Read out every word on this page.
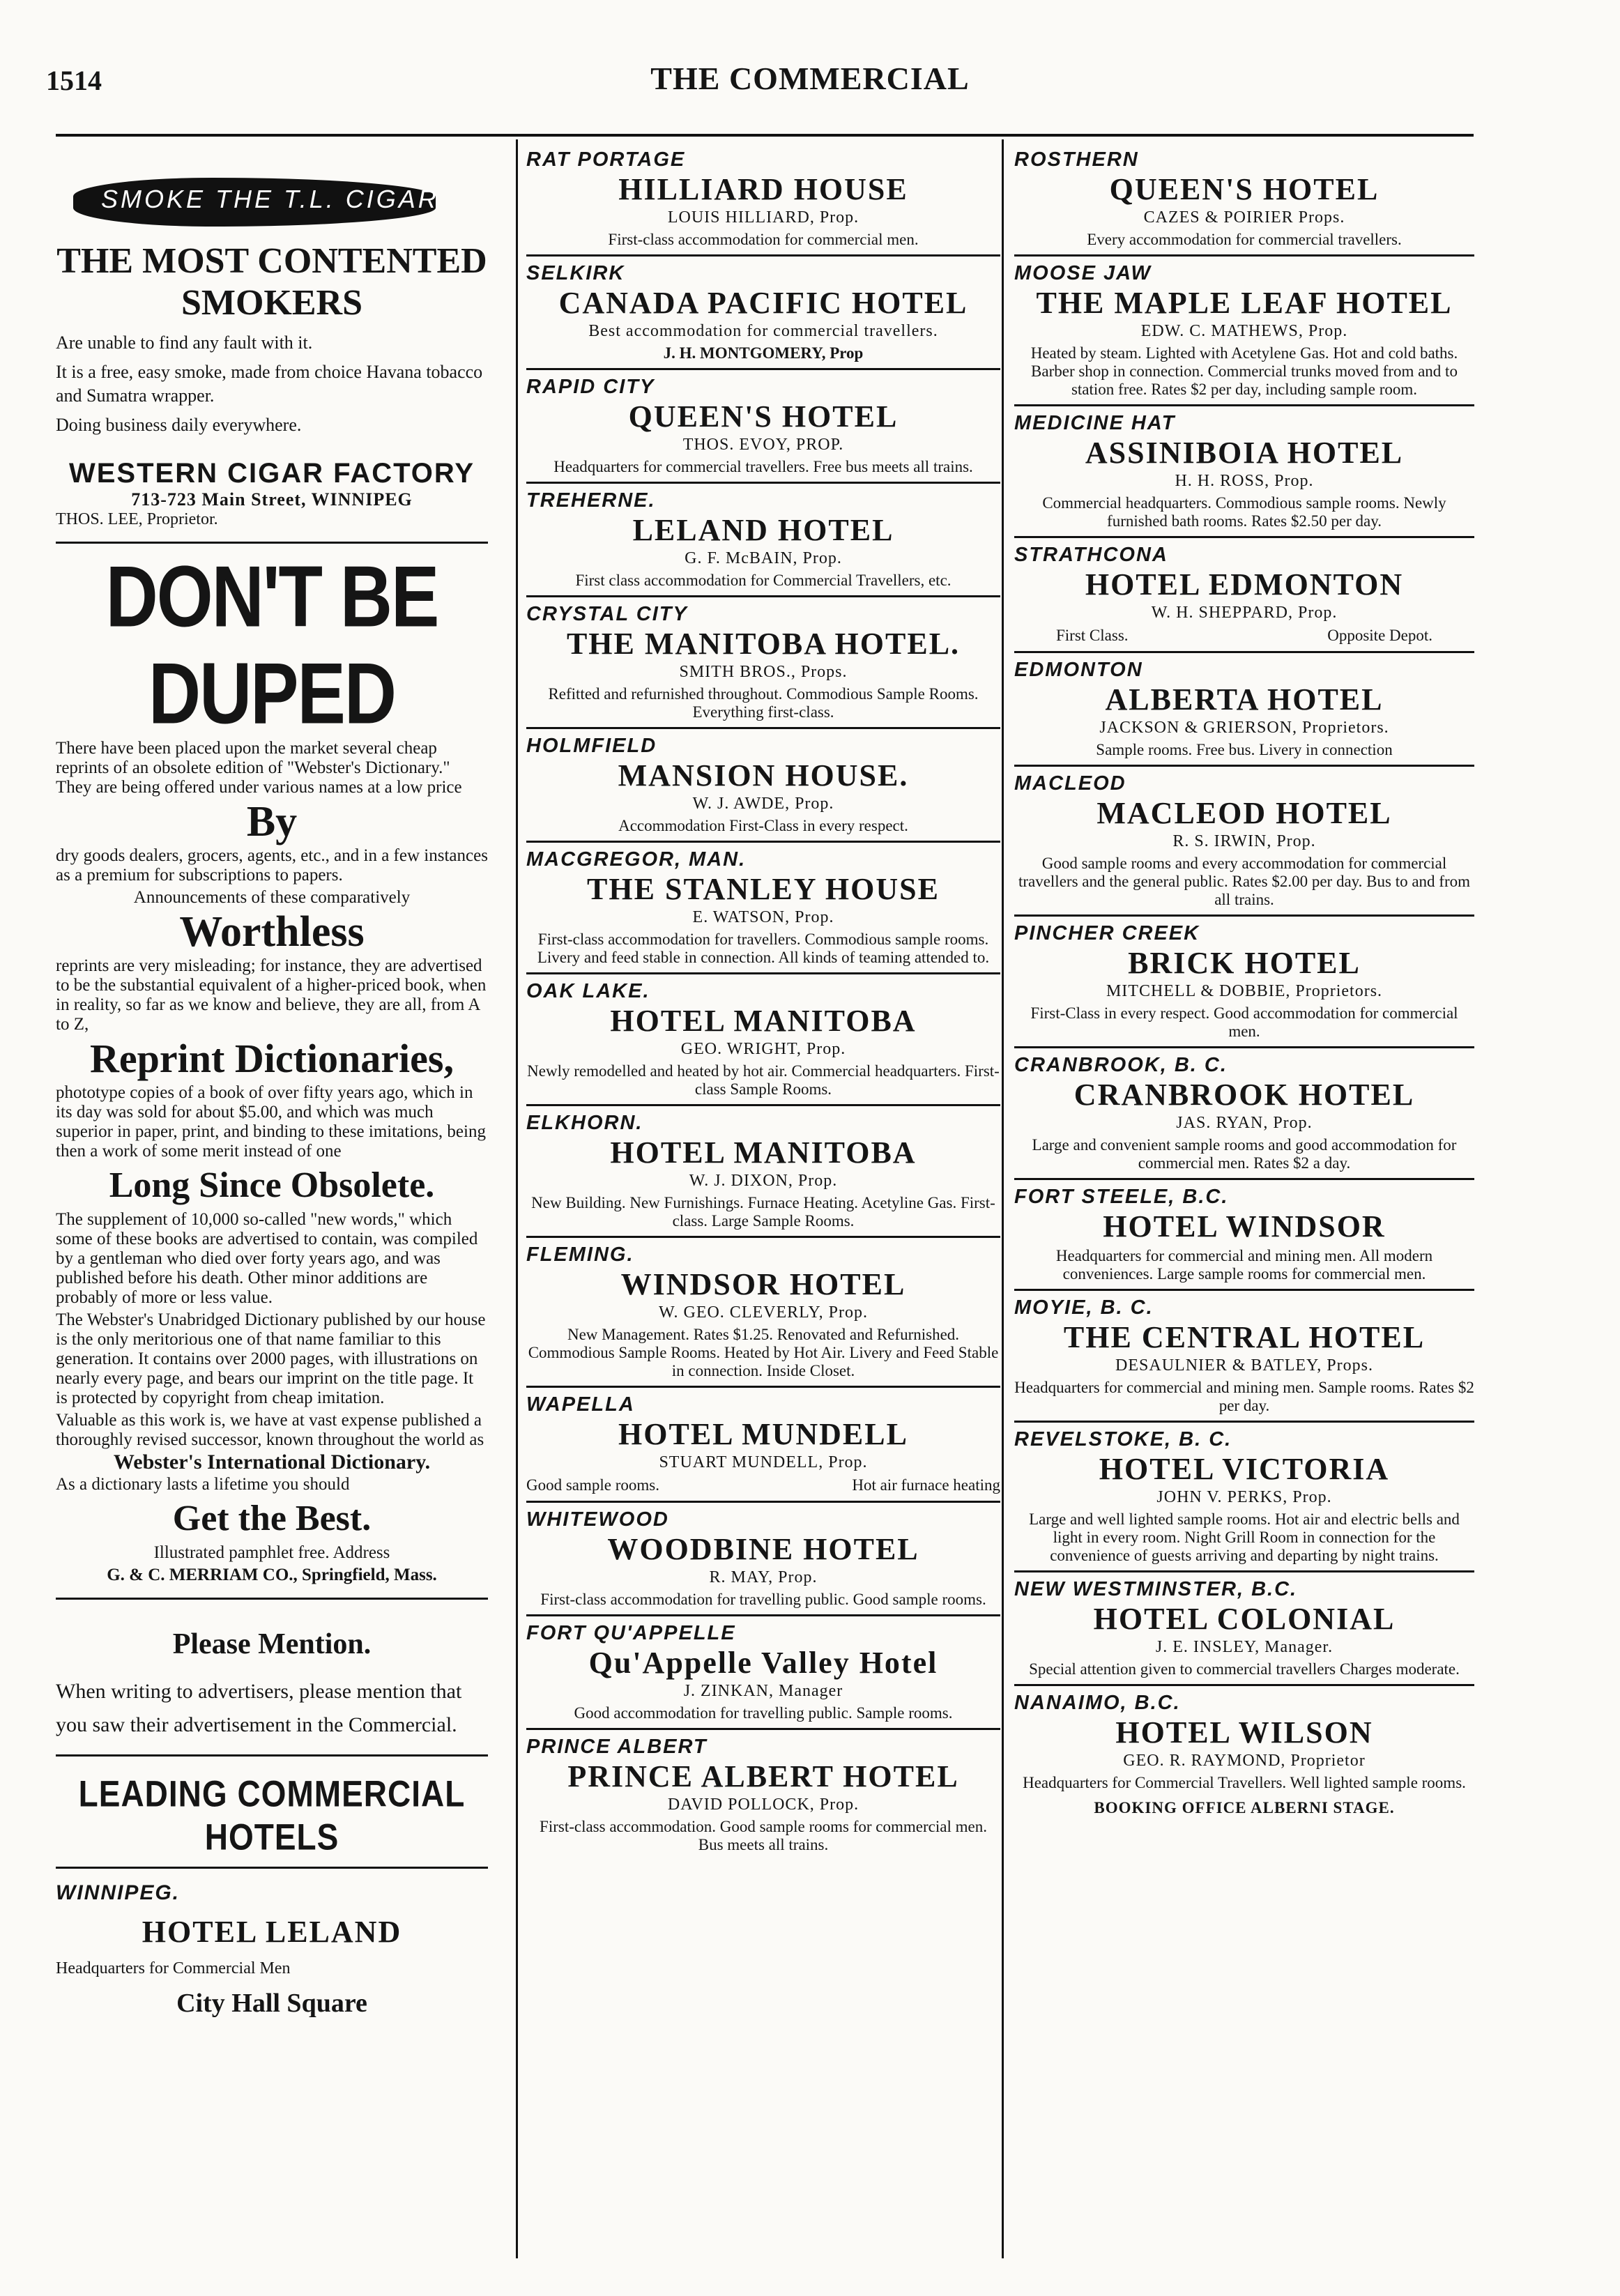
1514	THE COMMERCIAL
SMOKE THE T.L. CIGAR
THE MOST CONTENTED SMOKERS

Are unable to find any fault with it.

It is a free, easy smoke, made from choice Havana tobacco and Sumatra wrapper.

Doing business daily everywhere.

WESTERN CIGAR FACTORY
713-723 Main Street, WINNIPEG
THOS. LEE, Proprietor.
DON'T BE DUPED
There have been placed upon the market several cheap reprints of an obsolete edition of "Webster's Dictionary." They are being offered under various names at a low price
By
dry goods dealers, grocers, agents, etc., and in a few instances as a premium for subscriptions to papers.
Announcements of these comparatively
Worthless
reprints are very misleading; for instance, they are advertised to be the substantial equivalent of a higher-priced book, when in reality, so far as we know and believe, they are all, from A to Z,
Reprint Dictionaries,
phototype copies of a book of over fifty years ago, which in its day was sold for about $5.00, and which was much superior in paper, print, and binding to these imitations, being then a work of some merit instead of one
Long Since Obsolete.
The supplement of 10,000 so-called "new words," which some of these books are advertised to contain, was compiled by a gentleman who died over forty years ago, and was published before his death. Other minor additions are probably of more or less value.
The Webster's Unabridged Dictionary published by our house is the only meritorious one of that name familiar to this generation. It contains over 2000 pages, with illustrations on nearly every page, and bears our imprint on the title page. It is protected by copyright from cheap imitation.
Valuable as this work is, we have at vast expense published a thoroughly revised successor, known throughout the world as
Webster's International Dictionary.
As a dictionary lasts a lifetime you should
Get the Best.
Illustrated pamphlet free. Address
G. & C. MERRIAM CO., Springfield, Mass.
Please Mention.

When writing to advertisers, please mention that you saw their advertisement in the Commercial.

LEADING COMMERCIAL HOTELS
WINNIPEG.
HOTEL LELAND
Headquarters for Commercial Men
City Hall Square
RAT PORTAGE
HILLIARD HOUSE
LOUIS HILLIARD, Prop.
First-class accommodation for commercial men.
SELKIRK
CANADA PACIFIC HOTEL
Best accommodation for commercial travellers.
J. H. MONTGOMERY, Prop
RAPID CITY
QUEEN'S HOTEL
THOS. EVOY, PROP.
Headquarters for commercial travellers. Free bus meets all trains.
TREHERNE.
LELAND HOTEL
G. F. McBAIN, Prop.
First class accommodation for Commercial Travellers, etc.
CRYSTAL CITY
THE MANITOBA HOTEL.
SMITH BROS., Props.
Refitted and refurnished throughout. Commodious Sample Rooms. Everything first-class.
HOLMFIELD
MANSION HOUSE.
W. J. AWDE, Prop.
Accommodation First-Class in every respect.
MACGREGOR, MAN.
THE STANLEY HOUSE
E. WATSON, Prop.
First-class accommodation for travellers. Commodious sample rooms. Livery and feed stable in connection. All kinds of teaming attended to.
OAK LAKE.
HOTEL MANITOBA
GEO. WRIGHT, Prop.
Newly remodelled and heated by hot air. Commercial headquarters. First-class Sample Rooms.
ELKHORN.
HOTEL MANITOBA
W. J. DIXON, Prop.
New Building. New Furnishings. Furnace Heating. Acetyline Gas. First-class. Large Sample Rooms.
FLEMING.
WINDSOR HOTEL
W. GEO. CLEVERLY, Prop.
New Management. Rates $1.25. Renovated and Refurnished. Commodious Sample Rooms. Heated by Hot Air. Livery and Feed Stable in connection. Inside Closet.
WAPELLA
HOTEL MUNDELL
STUART MUNDELL, Prop.
Good sample rooms.	Hot air furnace heating
WHITEWOOD
WOODBINE HOTEL
R. MAY, Prop.
First-class accommodation for travelling public. Good sample rooms.
FORT QU'APPELLE
Qu'Appelle Valley Hotel
J. ZINKAN, Manager
Good accommodation for travelling public. Sample rooms.
PRINCE ALBERT
PRINCE ALBERT HOTEL
DAVID POLLOCK, Prop.
First-class accommodation. Good sample rooms for commercial men. Bus meets all trains.
ROSTHERN
QUEEN'S HOTEL
CAZES & POIRIER Props.
Every accommodation for commercial travellers.
MOOSE JAW
THE MAPLE LEAF HOTEL
EDW. C. MATHEWS, Prop.
Heated by steam. Lighted with Acetylene Gas. Hot and cold baths. Barber shop in connection. Commercial trunks moved from and to station free. Rates $2 per day, including sample room.
MEDICINE HAT
ASSINIBOIA HOTEL
H. H. ROSS, Prop.
Commercial headquarters. Commodious sample rooms. Newly furnished bath rooms. Rates $2.50 per day.
STRATHCONA
HOTEL EDMONTON
W. H. SHEPPARD, Prop.
First Class.	Opposite Depot.
EDMONTON
ALBERTA HOTEL
JACKSON & GRIERSON, Proprietors.
Sample rooms. Free bus. Livery in connection
MACLEOD
MACLEOD HOTEL
R. S. IRWIN, Prop.
Good sample rooms and every accommodation for commercial travellers and the general public. Rates $2.00 per day. Bus to and from all trains.
PINCHER CREEK
BRICK HOTEL
MITCHELL & DOBBIE, Proprietors.
First-Class in every respect. Good accommodation for commercial men.
CRANBROOK, B. C.
CRANBROOK HOTEL
JAS. RYAN, Prop.
Large and convenient sample rooms and good accommodation for commercial men. Rates $2 a day.
FORT STEELE, B.C.
HOTEL WINDSOR
Headquarters for commercial and mining men. All modern conveniences. Large sample rooms for commercial men.
MOYIE, B. C.
THE CENTRAL HOTEL
DESAULNIER & BATLEY, Props.
Headquarters for commercial and mining men. Sample rooms. Rates $2 per day.
REVELSTOKE, B. C.
HOTEL VICTORIA
JOHN V. PERKS, Prop.
Large and well lighted sample rooms. Hot air and electric bells and light in every room. Night Grill Room in connection for the convenience of guests arriving and departing by night trains.
NEW WESTMINSTER, B.C.
HOTEL COLONIAL
J. E. INSLEY, Manager.
Special attention given to commercial travellers Charges moderate.
NANAIMO, B.C.
HOTEL WILSON
GEO. R. RAYMOND, Proprietor
Headquarters for Commercial Travellers. Well lighted sample rooms.
BOOKING OFFICE ALBERNI STAGE.
